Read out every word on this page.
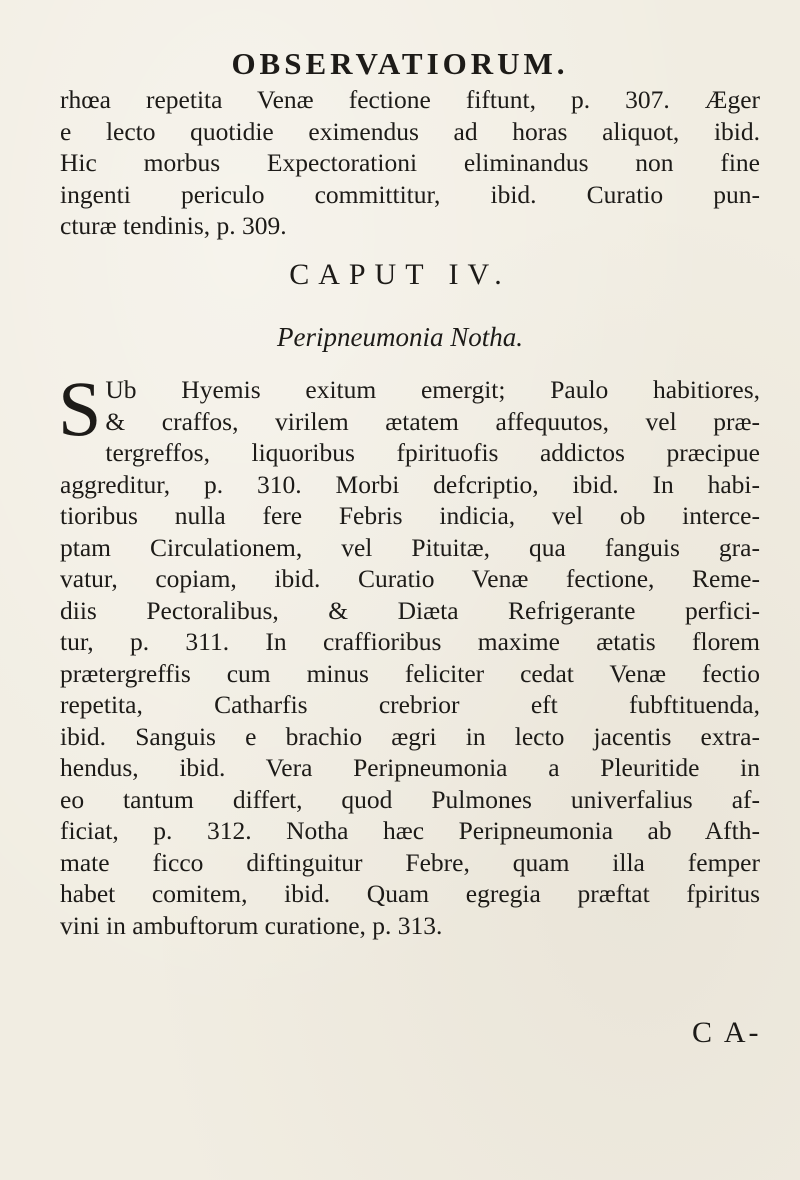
OBSERVATIORUM.
rhœa repetita Venæ fectione fiftunt, p. 307. Æger
e lecto quotidie eximendus ad horas aliquot, ibid.
Hic morbus Expectorationi eliminandus non fine
ingenti periculo committitur, ibid. Curatio pun-
cturæ tendinis, p. 309.
CAPUT IV.
Peripneumonia Notha.
S Ub Hyemis exitum emergit; Paulo habitiores,
& craffos, virilem ætatem affequutos, vel præ-
tergreffos, liquoribus fpirituofis addictos præcipue
aggreditur, p. 310. Morbi defcriptio, ibid. In habi-
tioribus nulla fere Febris indicia, vel ob interce-
ptam Circulationem, vel Pituitæ, qua fanguis gra-
vatur, copiam, ibid. Curatio Venæ fectione, Reme-
diis Pectoralibus, & Diæta Refrigerante perfici-
tur, p. 311. In craffioribus maxime ætatis florem
prætergreffis cum minus feliciter cedat Venæ fectio
repetita, Catharfis crebrior eft fubftituenda,
ibid. Sanguis e brachio ægri in lecto jacentis extra-
hendus, ibid. Vera Peripneumonia a Pleuritide in
eo tantum differt, quod Pulmones univerfalius af-
ficiat, p. 312. Notha hæc Peripneumonia ab Afth-
mate ficco diftinguitur Febre, quam illa femper
habet comitem, ibid. Quam egregia præftat fpiritus
vini in ambuftorum curatione, p. 313.
C A-
